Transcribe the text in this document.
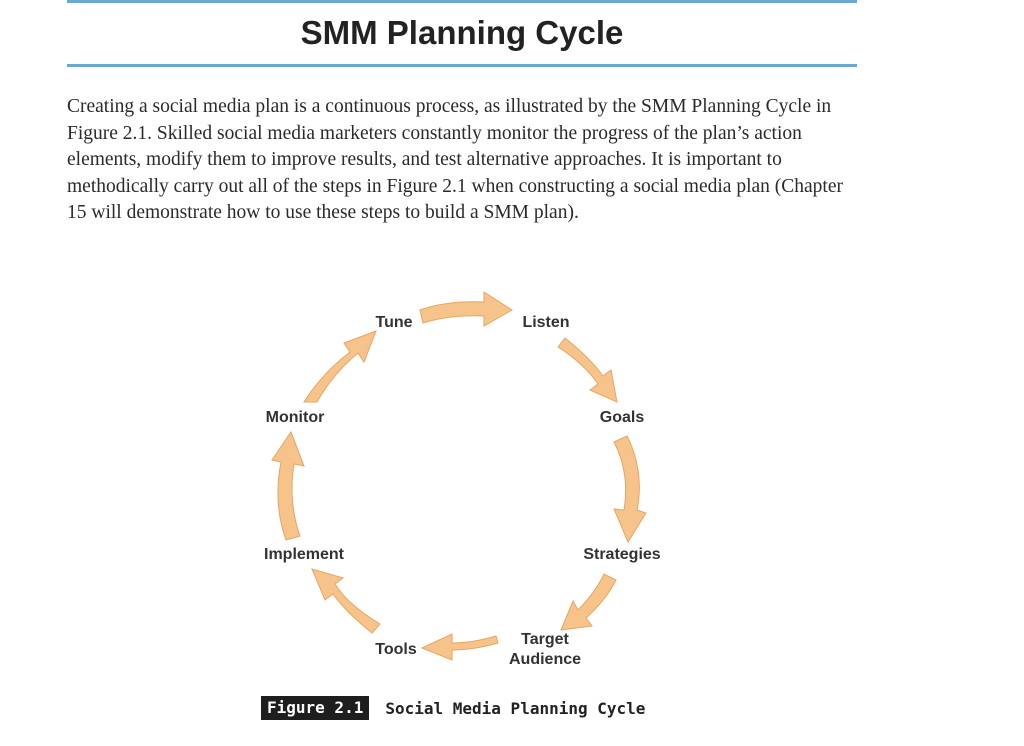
SMM Planning Cycle

Creating a social media plan is a continuous process, as illustrated by the SMM Planning Cycle in Figure 2.1. Skilled social media marketers constantly monitor the progress of the plan’s action elements, modify them to improve results, and test alternative approaches. It is important to methodically carry out all of the steps in Figure 2.1 when constructing a social media plan (Chapter 15 will demonstrate how to use these steps to build a SMM plan).

Tune	Listen
Goals
Strategies
Target
Audience
Tools
Implement
Monitor
Figure 2.1	Social Media Planning Cycle
